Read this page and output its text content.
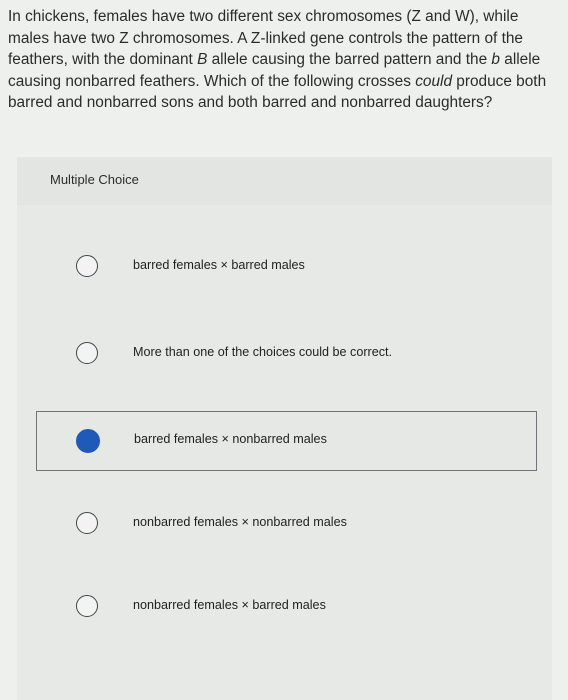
In chickens, females have two different sex chromosomes (Z and W), while males have two Z chromosomes. A Z-linked gene controls the pattern of the feathers, with the dominant B allele causing the barred pattern and the b allele causing nonbarred feathers. Which of the following crosses could produce both barred and nonbarred sons and both barred and nonbarred daughters?

Multiple Choice
barred females × barred males
More than one of the choices could be correct.
barred females × nonbarred males
nonbarred females × nonbarred males
nonbarred females × barred males
